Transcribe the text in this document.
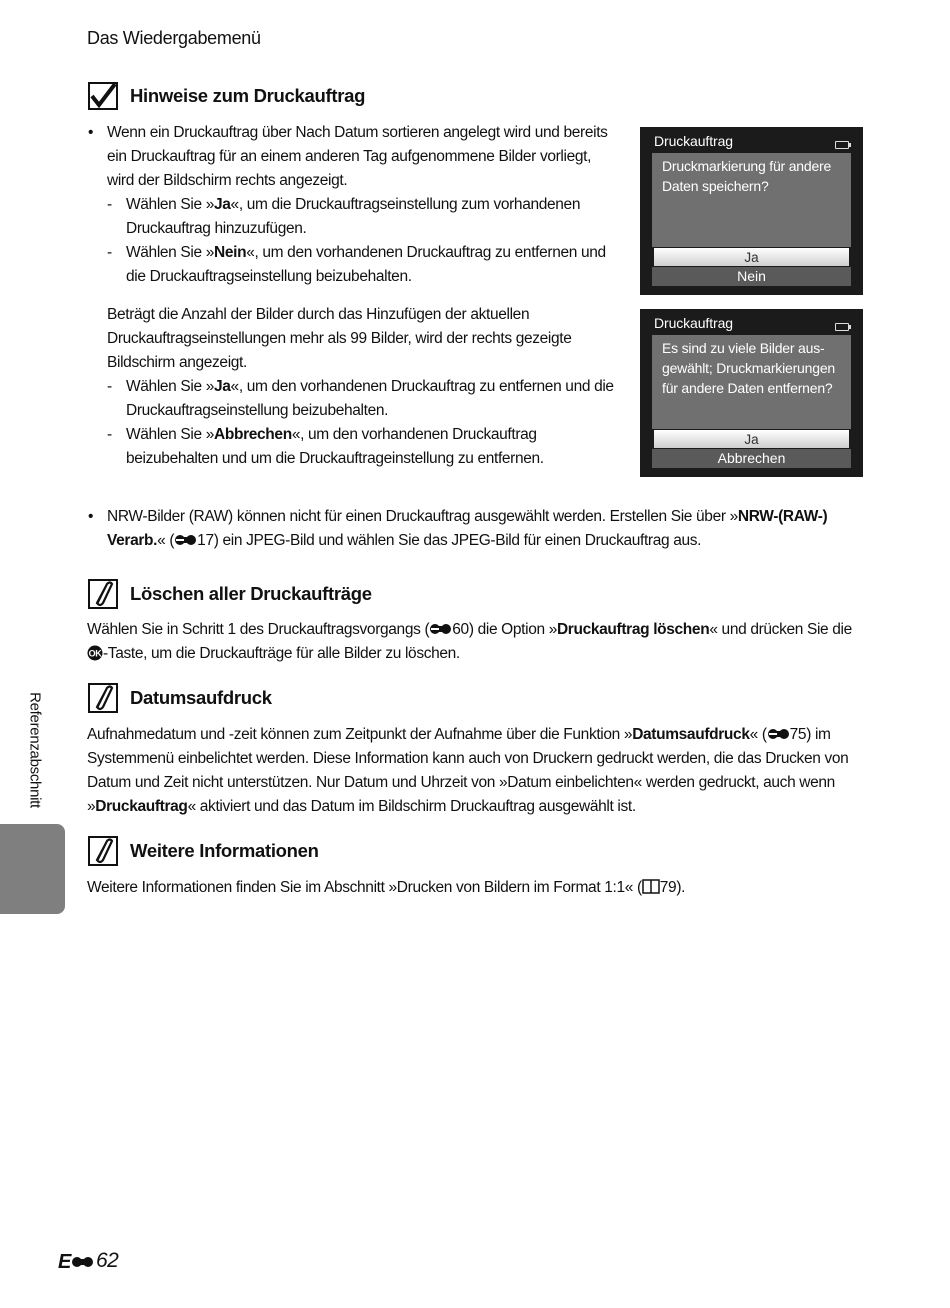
Das Wiedergabemenü
Hinweise zum Druckauftrag
• Wenn ein Druckauftrag über Nach Datum sortieren angelegt wird und bereits ein Druckauftrag für an einem anderen Tag aufgenommene Bilder vorliegt, wird der Bildschirm rechts angezeigt.
- Wählen Sie »Ja«, um die Druckauftragseinstellung zum vorhandenen Druckauftrag hinzuzufügen.
- Wählen Sie »Nein«, um den vorhandenen Druckauftrag zu entfernen und die Druckauftragseinstellung beizubehalten.
Beträgt die Anzahl der Bilder durch das Hinzufügen der aktuellen Druckauftragseinstellungen mehr als 99 Bilder, wird der rechts gezeigte Bildschirm angezeigt.
- Wählen Sie »Ja«, um den vorhandenen Druckauftrag zu entfernen und die Druckauftragseinstellung beizubehalten.
- Wählen Sie »Abbrechen«, um den vorhandenen Druckauftrag beizubehalten und um die Druckauftrageinstellung zu entfernen.
Druckauftrag
Druckmarkierung für andere Daten speichern?
Ja
Nein
Druckauftrag
Es sind zu viele Bilder aus-gewählt; Druckmarkierungen für andere Daten entfernen?
Ja
Abbrechen
• NRW-Bilder (RAW) können nicht für einen Druckauftrag ausgewählt werden. Erstellen Sie über »NRW-(RAW-) Verarb.« ( 17) ein JPEG-Bild und wählen Sie das JPEG-Bild für einen Druckauftrag aus.
Löschen aller Druckaufträge
Wählen Sie in Schritt 1 des Druckauftragsvorgangs ( 60) die Option »Druckauftrag löschen« und drücken Sie die

OK -Taste, um die Druckaufträge für alle Bilder zu löschen.
Datumsaufdruck
Aufnahmedatum und -zeit können zum Zeitpunkt der Aufnahme über die Funktion »Datumsaufdruck« ( 75) im Systemmenü einbelichtet werden. Diese Information kann auch von Druckern gedruckt werden, die das Drucken von Datum und Zeit nicht unterstützen. Nur Datum und Uhrzeit von »Datum einbelichten« werden gedruckt, auch wenn »Druckauftrag« aktiviert und das Datum im Bildschirm Druckauftrag ausgewählt ist.
Weitere Informationen
Weitere Informationen finden Sie im Abschnitt »Drucken von Bildern im Format 1:1« ( 79).
Referenzabschnitt
E 62
